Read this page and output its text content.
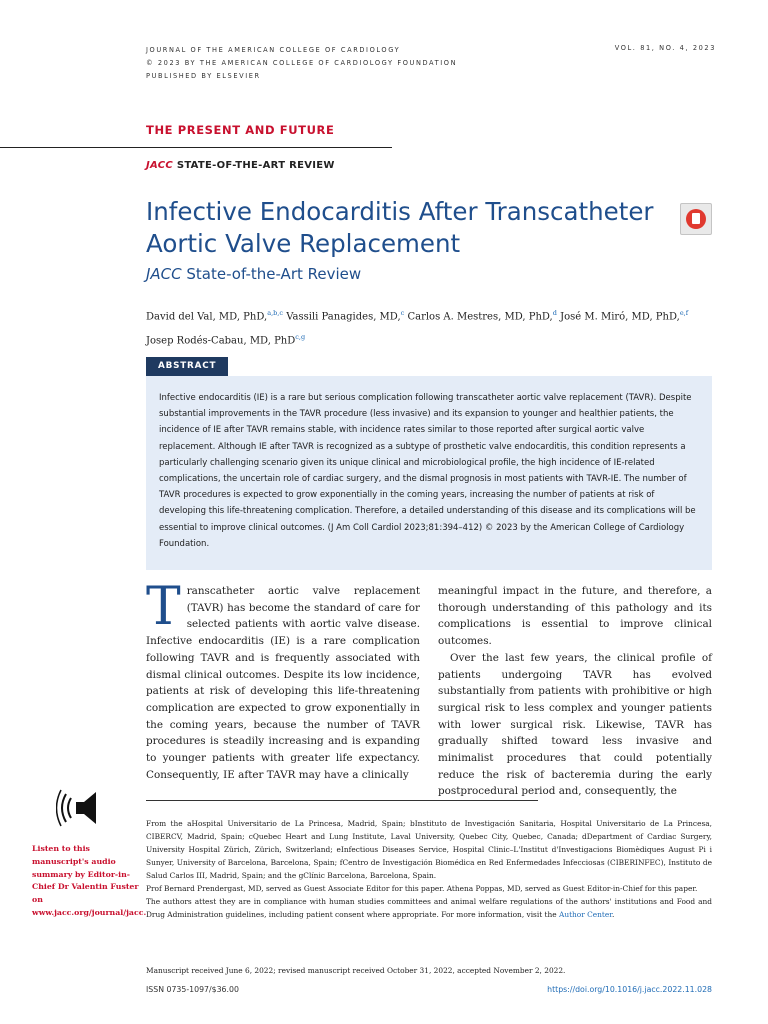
JOURNAL OF THE AMERICAN COLLEGE OF CARDIOLOGY
© 2023 BY THE AMERICAN COLLEGE OF CARDIOLOGY FOUNDATION
PUBLISHED BY ELSEVIER
VOL. 81, NO. 4, 2023
THE PRESENT AND FUTURE
JACC STATE-OF-THE-ART REVIEW
Infective Endocarditis After Transcatheter Aortic Valve Replacement
JACC State-of-the-Art Review
David del Val, MD, PhD,$^{a,b,c}$ Vassili Panagides, MD,$^c$ Carlos A. Mestres, MD, PhD,$^d$ José M. Miró, MD, PhD,$^{e,f}$
Josep Rodés-Cabau, MD, PhD$^{c,g}$
ABSTRACT
Infective endocarditis (IE) is a rare but serious complication following transcatheter aortic valve replacement (TAVR). Despite substantial improvements in the TAVR procedure (less invasive) and its expansion to younger and healthier patients, the incidence of IE after TAVR remains stable, with incidence rates similar to those reported after surgical aortic valve replacement. Although IE after TAVR is recognized as a subtype of prosthetic valve endocarditis, this condition represents a particularly challenging scenario given its unique clinical and microbiological profile, the high incidence of IE-related complications, the uncertain role of cardiac surgery, and the dismal prognosis in most patients with TAVR-IE. The number of TAVR procedures is expected to grow exponentially in the coming years, increasing the number of patients at risk of developing this life-threatening complication. Therefore, a detailed understanding of this disease and its complications will be essential to improve clinical outcomes. (J Am Coll Cardiol 2023;81:394–412) © 2023 by the American College of Cardiology Foundation.
Transcatheter aortic valve replacement (TAVR) has become the standard of care for selected patients with aortic valve disease. Infective endocarditis (IE) is a rare complication following TAVR and is frequently associated with dismal clinical outcomes. Despite its low incidence, patients at risk of developing this life-threatening complication are expected to grow exponentially in the coming years, because the number of TAVR procedures is steadily increasing and is expanding to younger patients with greater life expectancy. Consequently, IE after TAVR may have a clinically
meaningful impact in the future, and therefore, a thorough understanding of this pathology and its complications is essential to improve clinical outcomes.
Over the last few years, the clinical profile of patients undergoing TAVR has evolved substantially from patients with prohibitive or high surgical risk to less complex and younger patients with lower surgical risk. Likewise, TAVR has gradually shifted toward less invasive and minimalist procedures that could potentially reduce the risk of bacteremia during the early postprocedural period and, consequently, the
Listen to this manuscript's audio summary by Editor-in-Chief Dr Valentin Fuster on www.jacc.org/journal/jacc.

From the aHospital Universitario de La Princesa, Madrid, Spain; bInstituto de Investigación Sanitaria, Hospital Universitario de La Princesa, CIBERCV, Madrid, Spain; cQuebec Heart and Lung Institute, Laval University, Quebec City, Quebec, Canada; dDepartment of Cardiac Surgery, University Hospital Zürich, Zürich, Switzerland; eInfectious Diseases Service, Hospital Clinic–L'Institut d'Investigacions Biomèdiques August Pi i Sunyer, University of Barcelona, Barcelona, Spain; fCentro de Investigación Biomédica en Red Enfermedades Infecciosas (CIBERINFEC), Instituto de Salud Carlos III, Madrid, Spain; and the gClínic Barcelona, Barcelona, Spain.

Prof Bernard Prendergast, MD, served as Guest Associate Editor for this paper. Athena Poppas, MD, served as Guest Editor-in-Chief for this paper.

The authors attest they are in compliance with human studies committees and animal welfare regulations of the authors' institutions and Food and Drug Administration guidelines, including patient consent where appropriate. For more information, visit the Author Center.

Manuscript received June 6, 2022; revised manuscript received October 31, 2022, accepted November 2, 2022.
ISSN 0735-1097/$36.00	https://doi.org/10.1016/j.jacc.2022.11.028
